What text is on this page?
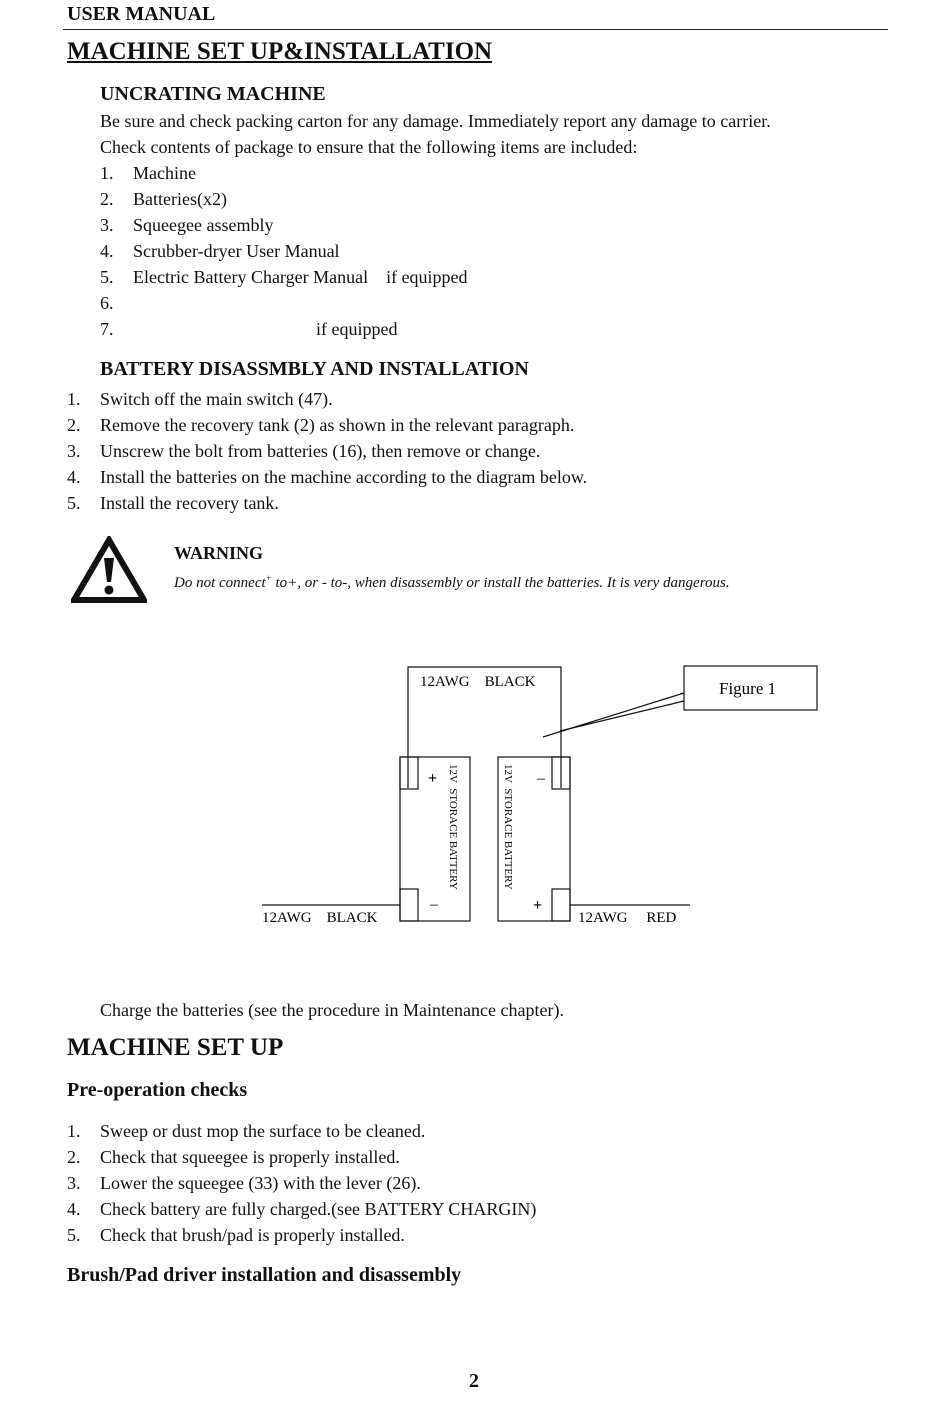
USER MANUAL
MACHINE SET UP&INSTALLATION
UNCRATING MACHINE
Be sure and check packing carton for any damage. Immediately report any damage to carrier.
Check contents of package to ensure that the following items are included:
1. Machine
2. Batteries(x2)
3. Squeegee assembly
4. Scrubber-dryer User Manual
5. Electric Battery Charger Manual    if equipped
6.
7.	if equipped
BATTERY DISASSMBLY AND INSTALLATION
1. Switch off the main switch (47).
2. Remove the recovery tank (2) as shown in the relevant paragraph.
3. Unscrew the bolt from batteries (16), then remove or change.
4. Install the batteries on the machine according to the diagram below.
5. Install the recovery tank.
WARNING
Do not connect+ to+, or - to-, when disassembly or install the batteries. It is very dangerous.
12AWG    BLACK	Figure 1
12AWG    BLACK	12AWG     RED
+
–
–
+
12V  STORACE BATTERY	12V  STORACE BATTERY
Charge the batteries (see the procedure in Maintenance chapter).
MACHINE SET UP
Pre-operation checks
1. Sweep or dust mop the surface to be cleaned.
2. Check that squeegee is properly installed.
3. Lower the squeegee (33) with the lever (26).
4. Check battery are fully charged.(see BATTERY CHARGIN)
5. Check that brush/pad is properly installed.
Brush/Pad driver installation and disassembly
2
